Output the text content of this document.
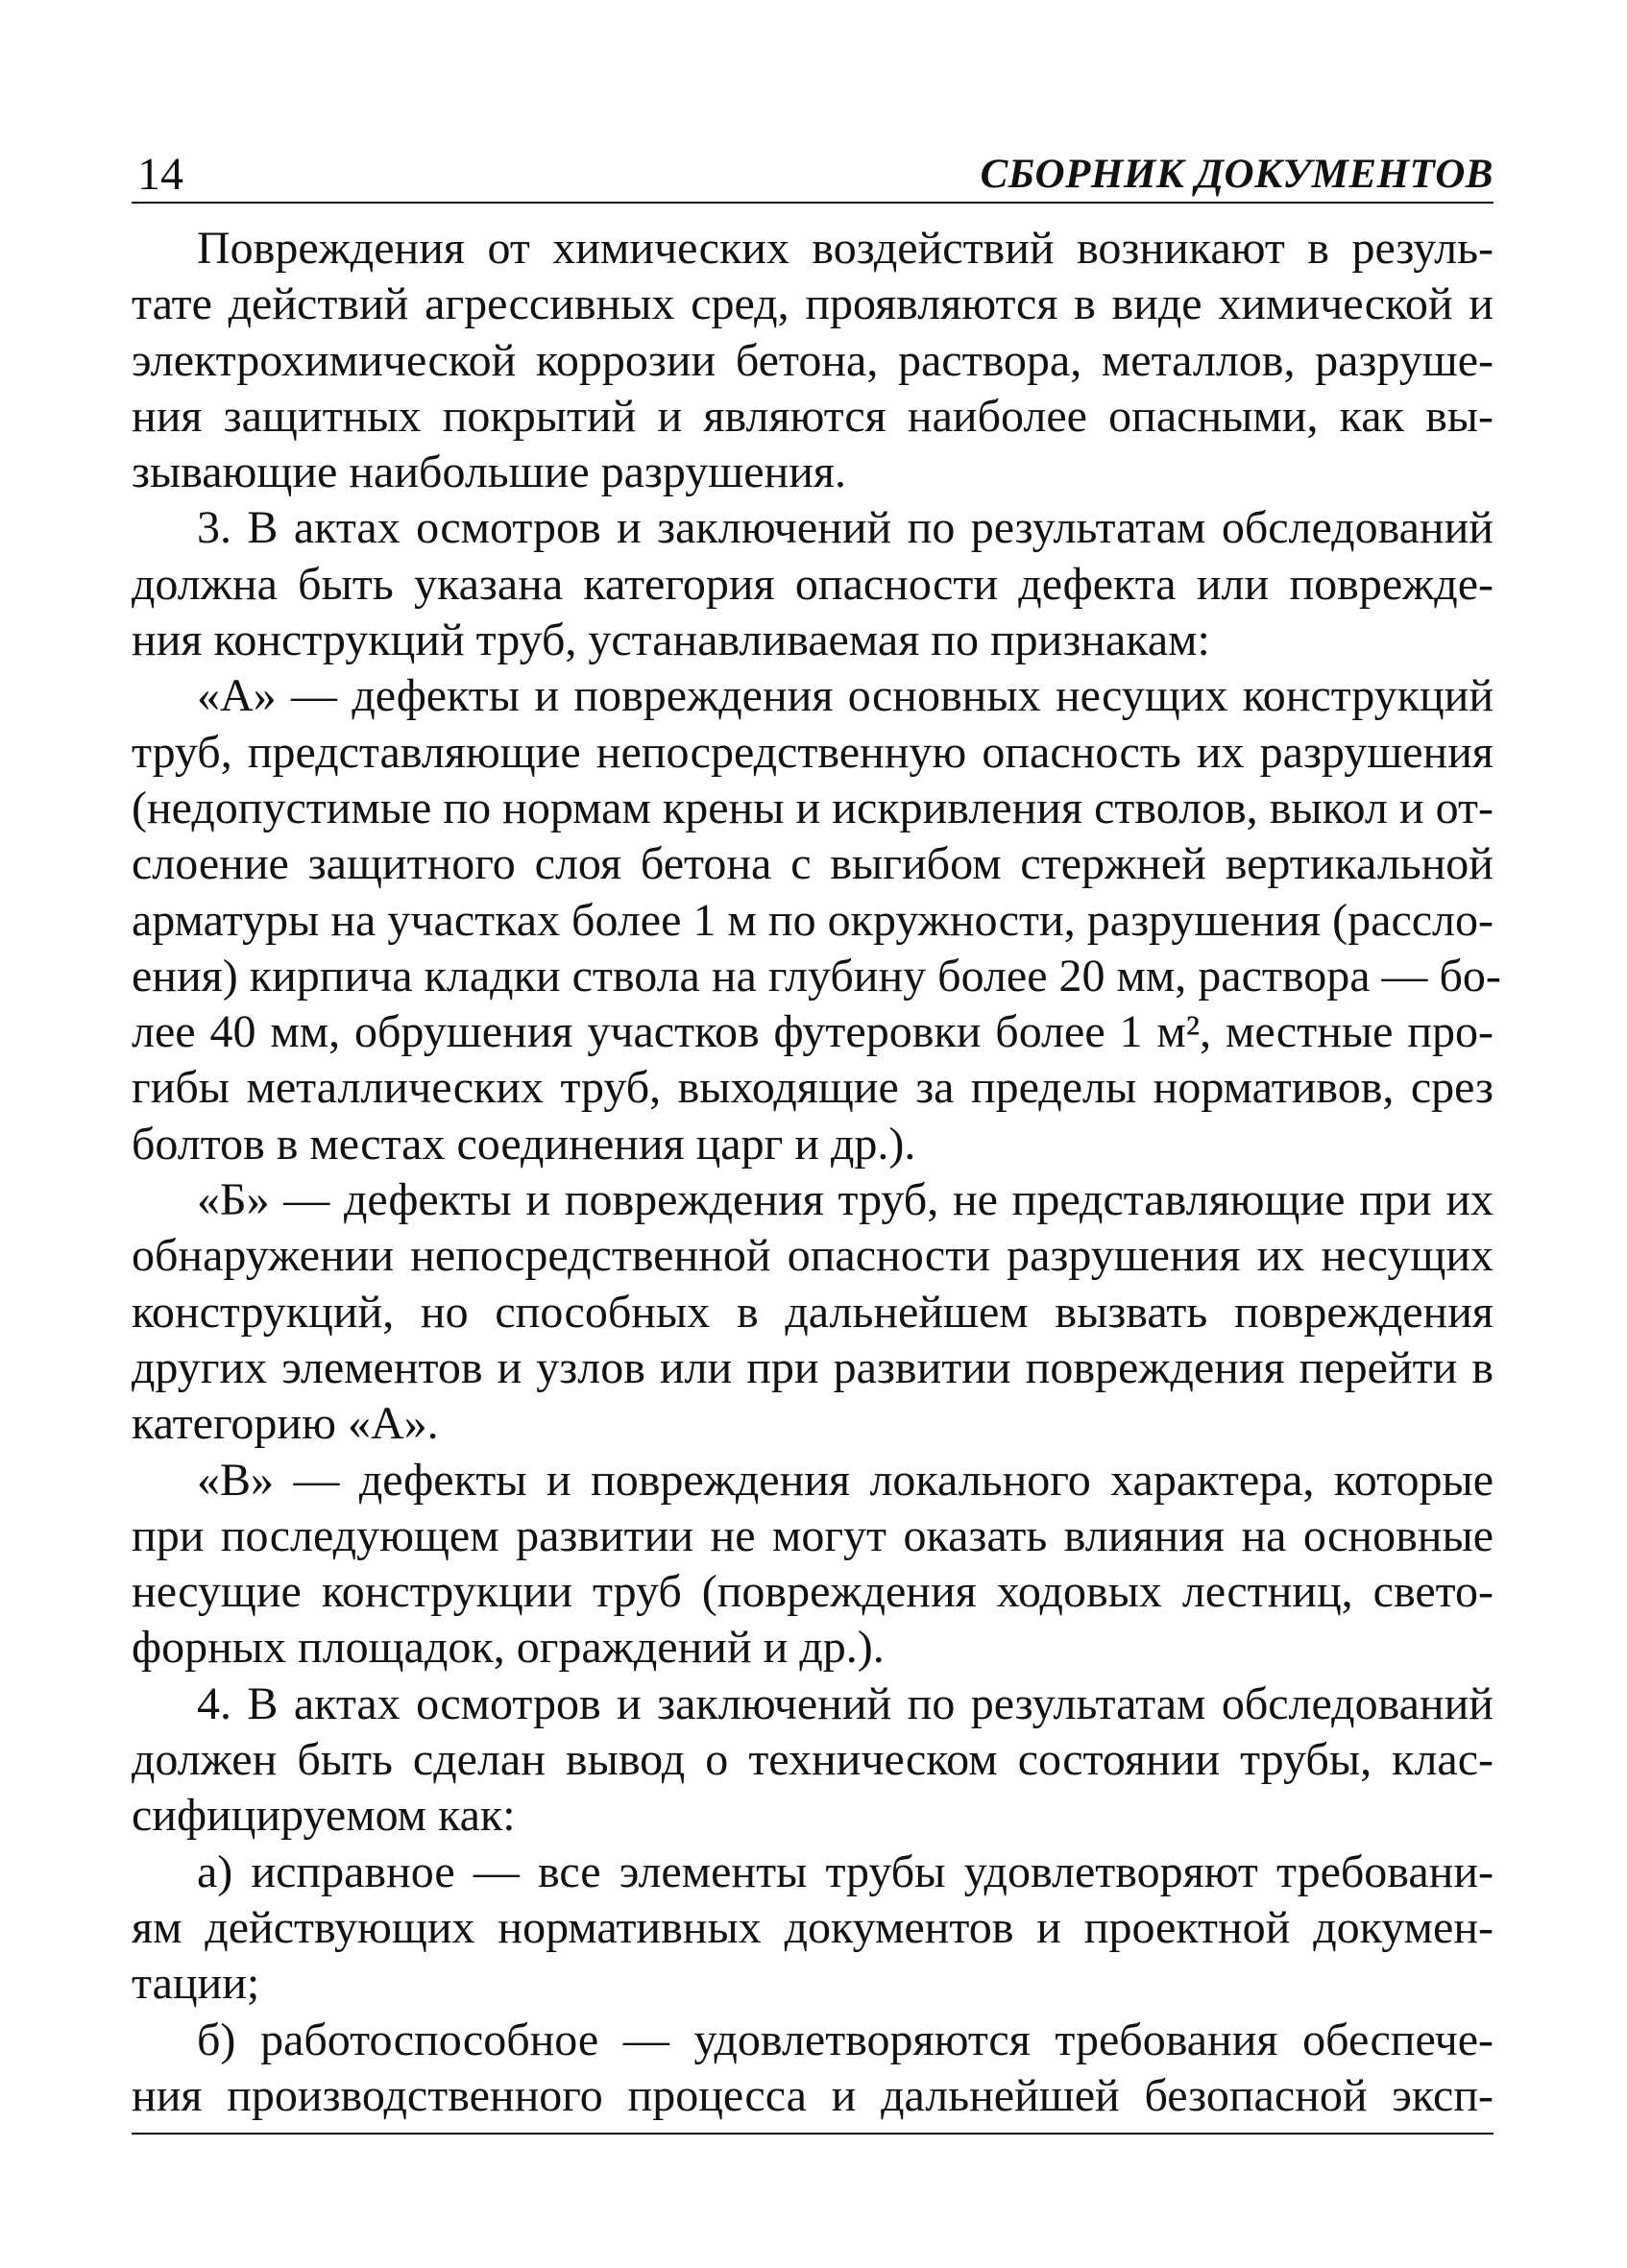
14	СБОРНИК ДОКУМЕНТОВ
Повреждения от химических воздействий возникают в резуль-
тате действий агрессивных сред, проявляются в виде химической и
электрохимической коррозии бетона, раствора, металлов, разруше-
ния защитных покрытий и являются наиболее опасными, как вы-
зывающие наибольшие разрушения.
3. В актах осмотров и заключений по результатам обследований
должна быть указана категория опасности дефекта или поврежде-
ния конструкций труб, устанавливаемая по признакам:
«А» — дефекты и повреждения основных несущих конструкций
труб, представляющие непосредственную опасность их разрушения
(недопустимые по нормам крены и искривления стволов, выкол и от-
слоение защитного слоя бетона с выгибом стержней вертикальной
арматуры на участках более 1 м по окружности, разрушения (рассло-
ения) кирпича кладки ствола на глубину более 20 мм, раствора — бо-
лее 40 мм, обрушения участков футеровки более 1 м², местные про-
гибы металлических труб, выходящие за пределы нормативов, срез
болтов в местах соединения царг и др.).
«Б» — дефекты и повреждения труб, не представляющие при их
обнаружении непосредственной опасности разрушения их несущих
конструкций, но способных в дальнейшем вызвать повреждения
других элементов и узлов или при развитии повреждения перейти в
категорию «А».
«В» — дефекты и повреждения локального характера, которые
при последующем развитии не могут оказать влияния на основные
несущие конструкции труб (повреждения ходовых лестниц, свето-
форных площадок, ограждений и др.).
4. В актах осмотров и заключений по результатам обследований
должен быть сделан вывод о техническом состоянии трубы, клас-
сифицируемом как:
а) исправное — все элементы трубы удовлетворяют требовани-
ям действующих нормативных документов и проектной докумен-
тации;
б) работоспособное — удовлетворяются требования обеспече-
ния производственного процесса и дальнейшей безопасной эксп-
